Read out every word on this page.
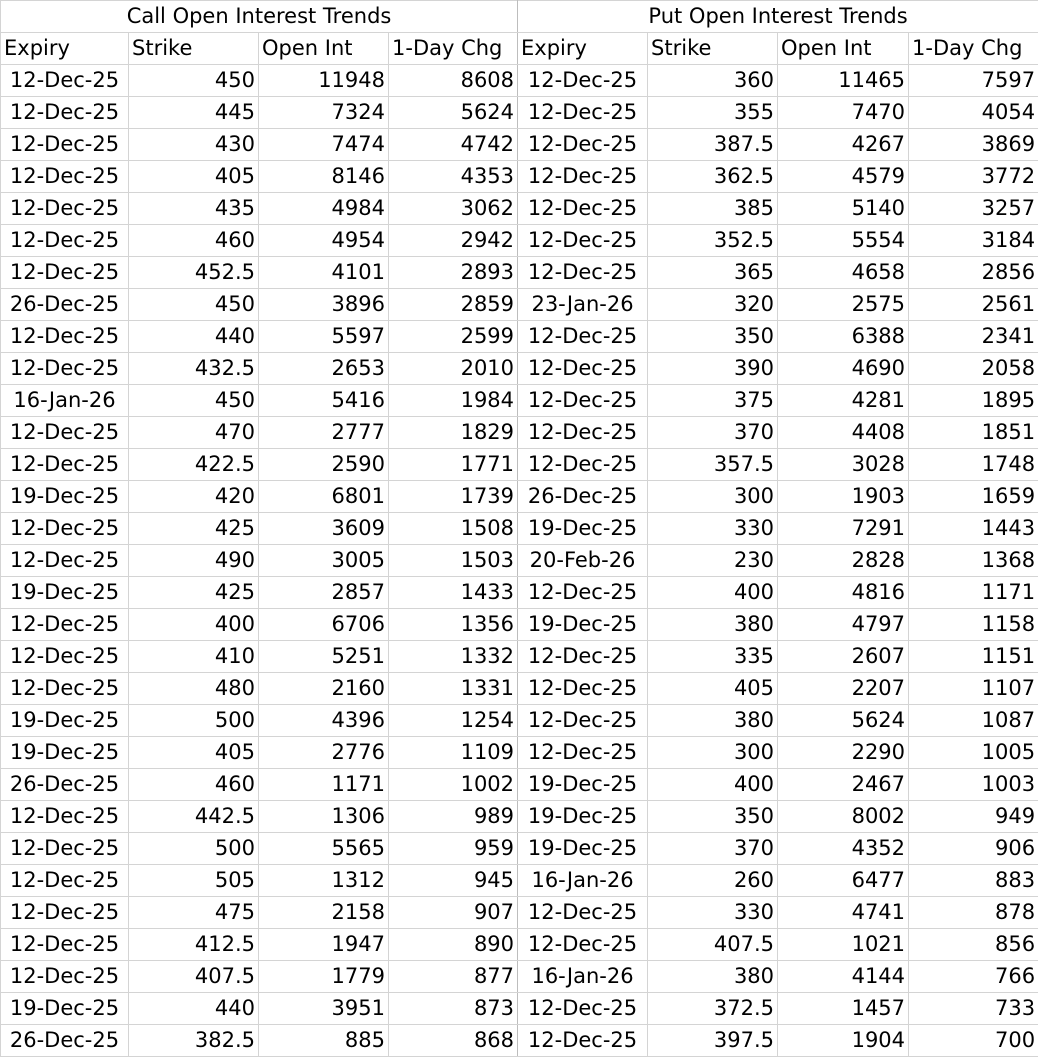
Call Open Interest Trends				Put Open Interest Trends			
Expiry	Strike	Open Int	1-Day Chg	Expiry	Strike	Open Int	1-Day Chg
12-Dec-25	450	11948	8608	12-Dec-25	360	11465	7597
12-Dec-25	445	7324	5624	12-Dec-25	355	7470	4054
12-Dec-25	430	7474	4742	12-Dec-25	387.5	4267	3869
12-Dec-25	405	8146	4353	12-Dec-25	362.5	4579	3772
12-Dec-25	435	4984	3062	12-Dec-25	385	5140	3257
12-Dec-25	460	4954	2942	12-Dec-25	352.5	5554	3184
12-Dec-25	452.5	4101	2893	12-Dec-25	365	4658	2856
26-Dec-25	450	3896	2859	23-Jan-26	320	2575	2561
12-Dec-25	440	5597	2599	12-Dec-25	350	6388	2341
12-Dec-25	432.5	2653	2010	12-Dec-25	390	4690	2058
16-Jan-26	450	5416	1984	12-Dec-25	375	4281	1895
12-Dec-25	470	2777	1829	12-Dec-25	370	4408	1851
12-Dec-25	422.5	2590	1771	12-Dec-25	357.5	3028	1748
19-Dec-25	420	6801	1739	26-Dec-25	300	1903	1659
12-Dec-25	425	3609	1508	19-Dec-25	330	7291	1443
12-Dec-25	490	3005	1503	20-Feb-26	230	2828	1368
19-Dec-25	425	2857	1433	12-Dec-25	400	4816	1171
12-Dec-25	400	6706	1356	19-Dec-25	380	4797	1158
12-Dec-25	410	5251	1332	12-Dec-25	335	2607	1151
12-Dec-25	480	2160	1331	12-Dec-25	405	2207	1107
19-Dec-25	500	4396	1254	12-Dec-25	380	5624	1087
19-Dec-25	405	2776	1109	12-Dec-25	300	2290	1005
26-Dec-25	460	1171	1002	19-Dec-25	400	2467	1003
12-Dec-25	442.5	1306	989	19-Dec-25	350	8002	949
12-Dec-25	500	5565	959	19-Dec-25	370	4352	906
12-Dec-25	505	1312	945	16-Jan-26	260	6477	883
12-Dec-25	475	2158	907	12-Dec-25	330	4741	878
12-Dec-25	412.5	1947	890	12-Dec-25	407.5	1021	856
12-Dec-25	407.5	1779	877	16-Jan-26	380	4144	766
19-Dec-25	440	3951	873	12-Dec-25	372.5	1457	733
26-Dec-25	382.5	885	868	12-Dec-25	397.5	1904	700
